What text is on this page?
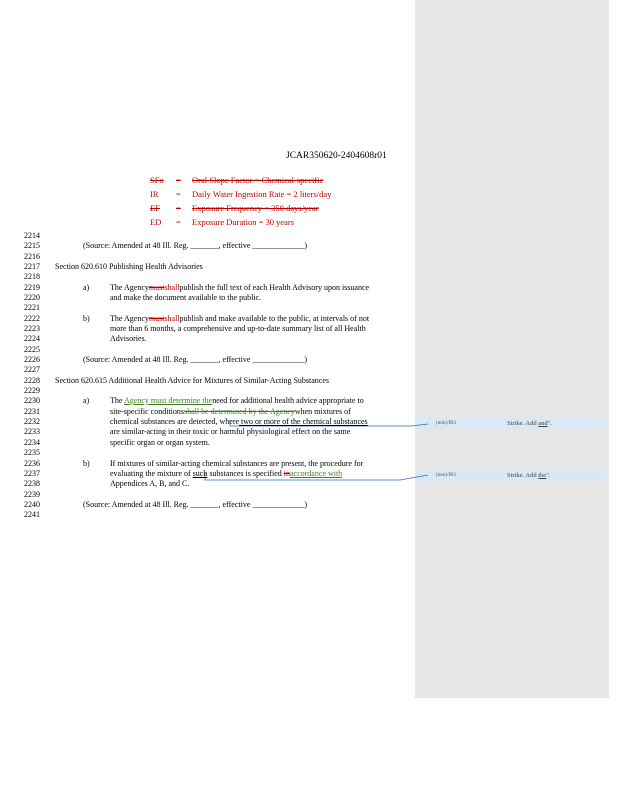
(mm)/IR3	Strike. Add and".
(mm)/IR3	Strike. Add the".
JCAR350620-2404608r01
SFo = Oral Slope Factor = Chemical-specific
IR = Daily Water Ingestion Rate = 2 liters/day
EF = Exposure Frequency = 350 days/year
ED = Exposure Duration = 30 years
2214
2215
2216
2217
2218
2219
2220
2221
2222
2223
2224
2225
2226
2227
2228
2229
2230
2231
2232
2233
2234
2235
2236
2237
2238
2239
2240
2241
(Source: Amended at 48 Ill. Reg. _______, effective _____________)
Section 620.610 Publishing Health Advisories
a)	The Agencymustshallpublish the full text of each Health Advisory upon issuance
and make the document available to the public.
b)	The Agencymustshallpublish and make available to the public, at intervals of not
more than 6 months, a comprehensive and up-to-date summary list of all Health
Advisories.
(Source: Amended at 48 Ill. Reg. _______, effective _____________)
Section 620.615 Additional Health Advice for Mixtures of Similar-Acting Substances
a)	The Agency must determine theneed for additional health advice appropriate to
site-specific conditionsshall be determined by the Agencywhen mixtures of
chemical substances are detected, where two or more of the chemical substances
are similar-acting in their toxic or harmful physiological effect on the same
specific organ or organ system.
b)	If mixtures of similar-acting chemical substances are present, the procedure for
evaluating the mixture of such substances is specified inaccordance with
Appendices A, B, and C.
(Source: Amended at 48 Ill. Reg. _______, effective _____________)
